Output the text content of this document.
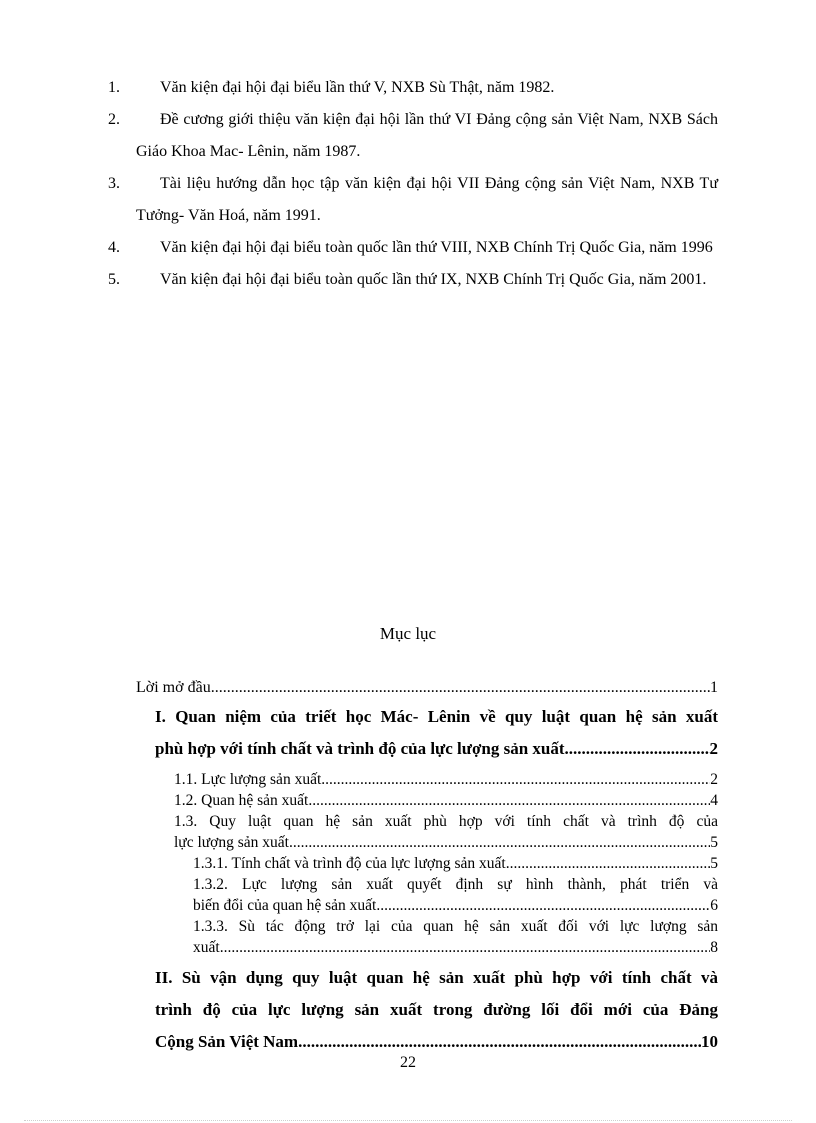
1.	Văn kiện đại hội đại biểu lần thứ V, NXB Sù Thật, năm 1982.
2.	Đề cương giới thiệu văn kiện đại hội lần thứ VI Đảng cộng sản Việt Nam, NXB Sách Giáo Khoa Mac- Lênin, năm 1987.
3.	Tài liệu hướng dẫn học tập văn kiện đại hội VII Đảng cộng sản Việt Nam, NXB Tư Tưởng- Văn Hoá, năm 1991.
4.	Văn kiện đại hội đại biểu toàn quốc lần thứ VIII, NXB Chính Trị Quốc Gia, năm 1996
5.	Văn kiện đại hội đại biểu toàn quốc lần thứ IX, NXB Chính Trị Quốc Gia, năm 2001.
Mục lục
Lời mở đầu .....	1
I. Quan niệm của triết học Mác- Lênin về quy luật quan hệ sản xuất
phù hợp với tính chất và trình độ của lực lượng sản xuất .....	2
1.1. Lực lượng sản xuất .....	2
1.2. Quan hệ sản xuất .....	4
1.3. Quy luật quan hệ sản xuất phù hợp với tính chất và trình độ của
lực lượng sản xuất .....	5
1.3.1. Tính chất và trình độ của lực lượng sản xuất .....	5
1.3.2. Lực lượng sản xuất quyết định sự hình thành, phát triển và
biến đổi của quan hệ sản xuất .....	6
1.3.3. Sù tác động trở lại của quan hệ sản xuất đối với lực lượng sản
xuất .....	8
II. Sù vận dụng quy luật quan hệ sản xuất phù hợp với tính chất và
trình độ của lực lượng sản xuất trong đường lối đổi mới của Đảng
Cộng Sản Việt Nam .....	10
22
